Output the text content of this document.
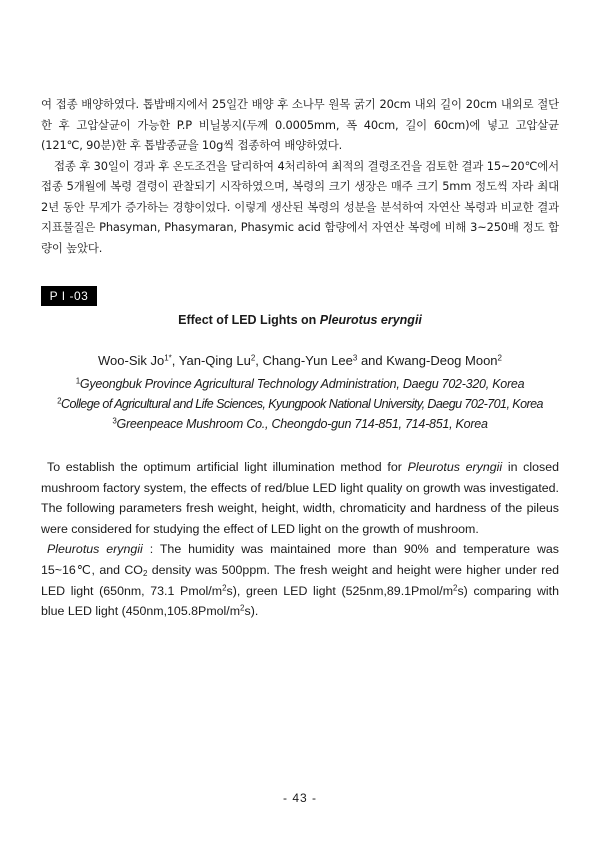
여 접종 배양하였다. 톱밥배지에서 25일간 배양 후 소나무 원목 굵기 20cm 내외 길이 20cm 내외로 절단한 후 고압살균이 가능한 P.P 비닐봉지(두께 0.0005mm, 폭 40cm, 길이 60cm)에 넣고 고압살균(121℃, 90분)한 후 톱밥종균을 10g씩 접종하여 배양하였다.

접종 후 30일이 경과 후 온도조건을 달리하여 4처리하여 최적의 결령조건을 검토한 결과 15~20℃에서 접종 5개월에 복령 결령이 관찰되기 시작하였으며, 복령의 크기 생장은 매주 크기 5mm 정도씩 자라 최대 2년 동안 무게가 증가하는 경향이었다. 이렇게 생산된 복령의 성분을 분석하여 자연산 복령과 비교한 결과 지표물질은 Phasyman, Phasymaran, Phasymic acid 함량에서 자연산 복령에 비해 3~250배 정도 함량이 높았다.

P I -03
Effect of LED Lights on Pleurotus eryngii
Woo-Sik $Jo^{1*}$, Yan-Qing Lu$^2$, Chang-Yun Lee$^3$ and Kwang-Deog Moon$^2$
$^1$Gyeongbuk Province Agricultural Technology Administration, Daegu 702-320, Korea
$^2$College of Agricultural and Life Sciences, Kyungpook National University, Daegu 702-701, Korea
$^3$Greenpeace Mushroom Co., Cheongdo-gun 714-851, 714-851, Korea

To establish the optimum artificial light illumination method for Pleurotus eryngii in closed mushroom factory system, the effects of red/blue LED light quality on growth was investigated. The following parameters fresh weight, height, width, chromaticity and hardness of the pileus were considered for studying the effect of LED light on the growth of mushroom.

Pleurotus eryngii : The humidity was maintained more than 90% and temperature was 15~16℃, and $CO_2$ density was 500ppm. The fresh weight and height were higher under red LED light (650nm, 73.1 Pmol/$m^2s$), green LED light $(525nm,89.1Pmol/m^2s)$ comparing with blue LED light $(450nm,105.8Pmol/m^2s)$.

- 43 -
